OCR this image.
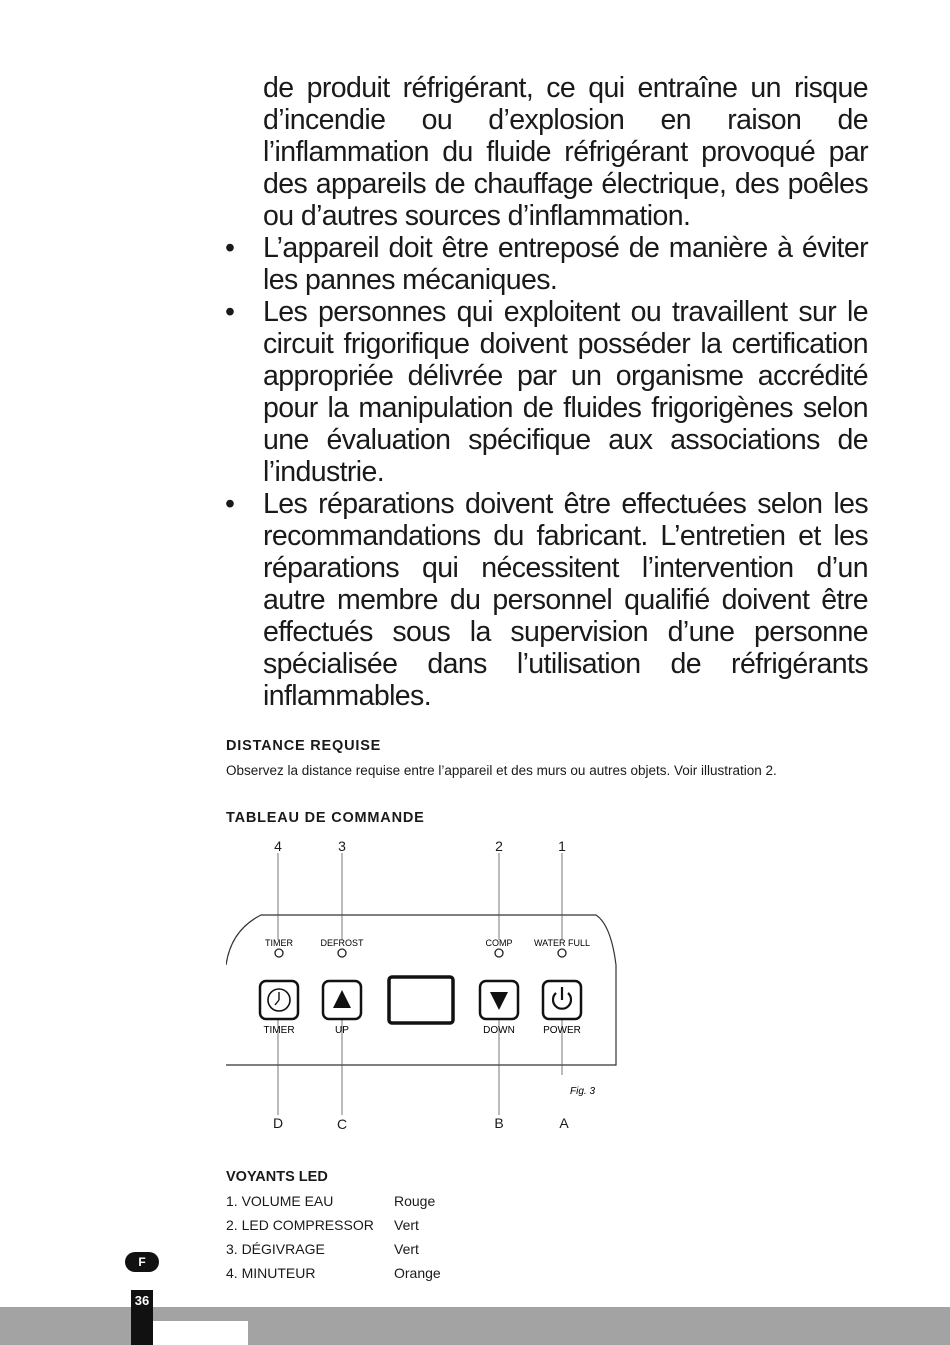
de produit réfrigérant, ce qui entraîne un risque d’incendie ou d’explosion en raison de l’inflammation du fluide réfrigérant provoqué par des appareils de chauffage électrique, des poêles ou d’autres sources d’inflammation.

• L’appareil doit être entreposé de manière à éviter les pannes mécaniques.

• Les personnes qui exploitent ou travaillent sur le circuit frigorifique doivent posséder la certification appropriée délivrée par un organisme accrédité pour la manipulation de fluides frigorigènes selon une évaluation spécifique aux associations de l’industrie.

• Les réparations doivent être effectuées selon les recommandations du fabricant. L’entretien et les réparations qui nécessitent l’intervention d’un autre membre du personnel qualifié doivent être effectués sous la supervision d’une personne spécialisée dans l’utilisation de réfrigérants inflammables.

DISTANCE REQUISE

Observez la distance requise entre l’appareil et des murs ou autres objets. Voir illustration 2.

TABLEAU DE COMMANDE
TIMER	DEFROST	COMP WATER FULL
TIMER	UP	DOWN	POWER
Fig. 3
4	3	2	1
D	C	B	A
VOYANTS LED
1. VOLUME EAU	Rouge
2. LED COMPRESSOR Vert
3. DÉGIVRAGE	Vert
4. MINUTEUR	Orange
F
36
